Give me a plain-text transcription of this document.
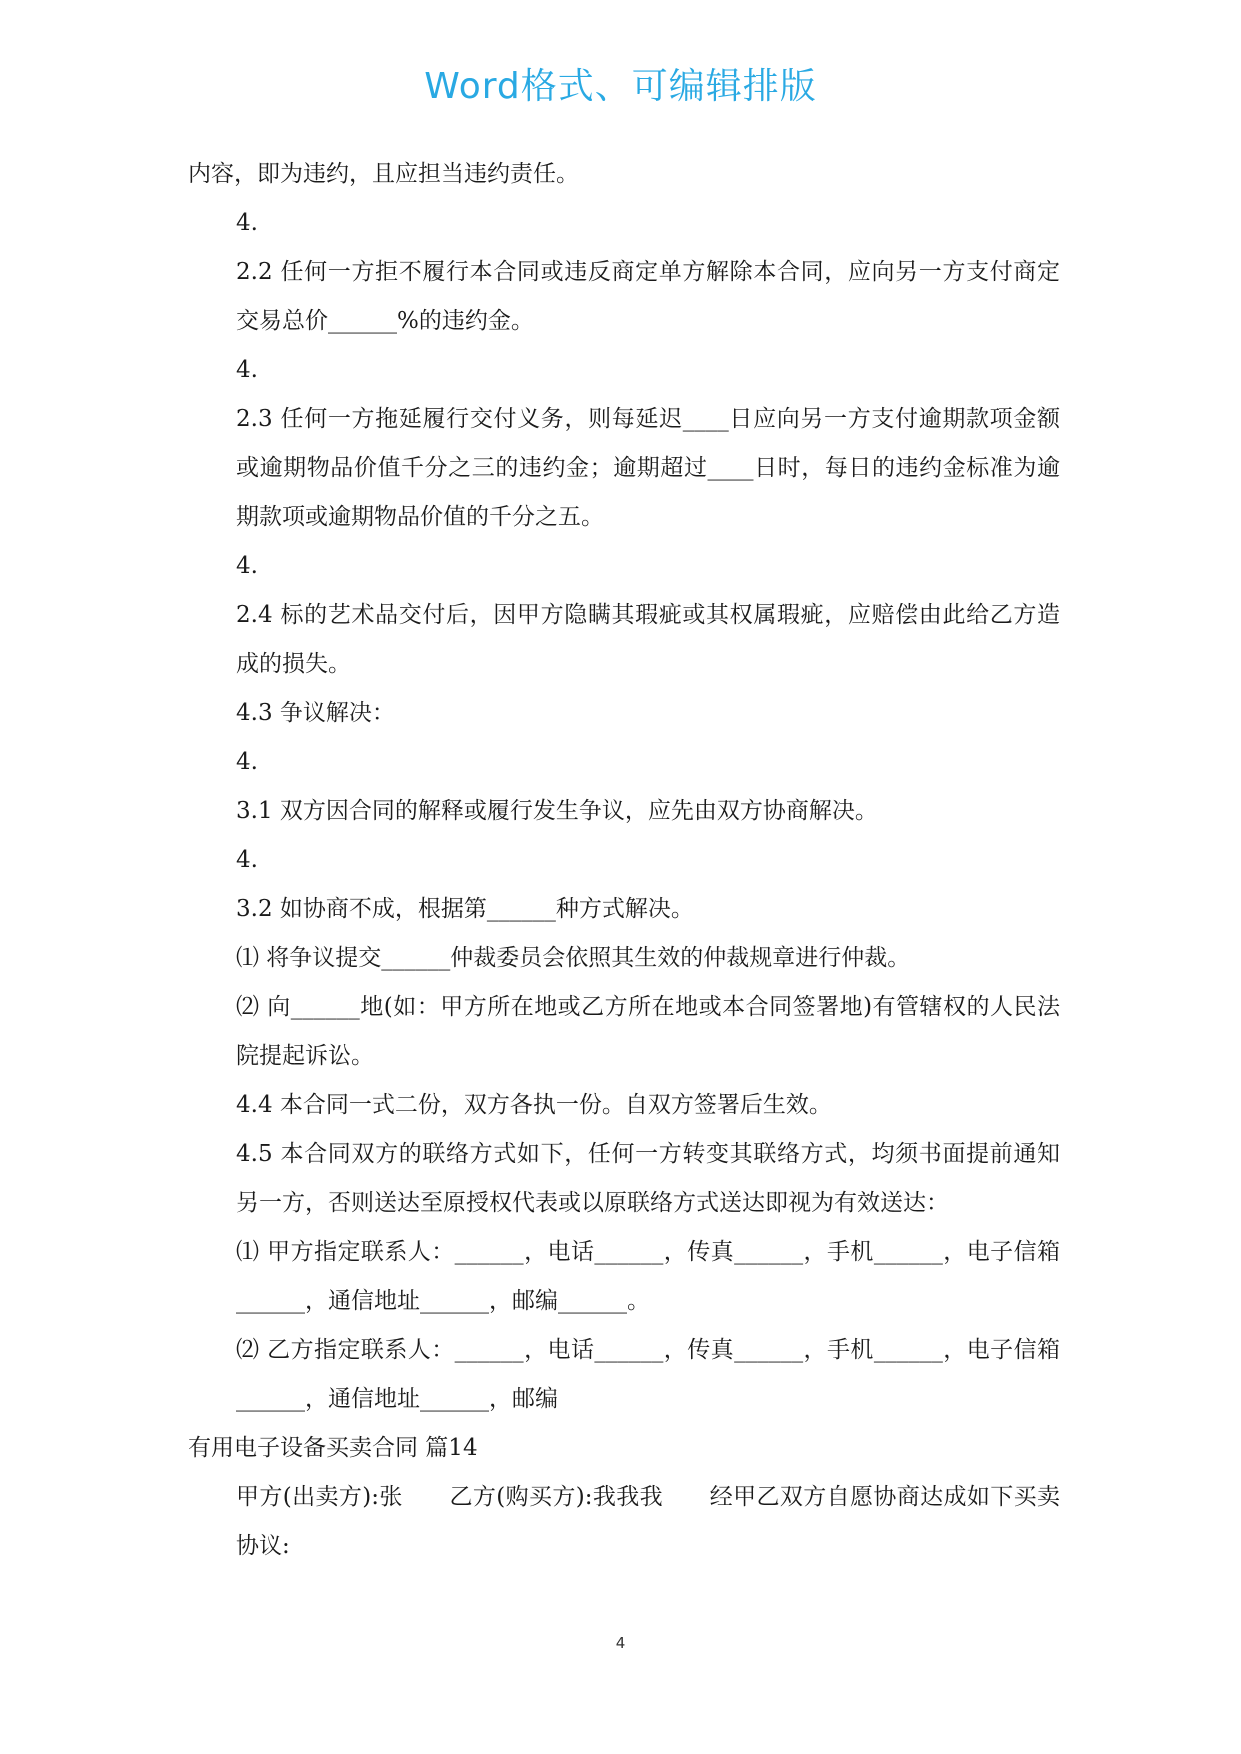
Word格式、可编辑排版

内容，即为违约，且应担当违约责任。

4.

2.2 任何一方拒不履行本合同或违反商定单方解除本合同，应向另一方支付商定交易总价______%的违约金。

4.

2.3 任何一方拖延履行交付义务，则每延迟____日应向另一方支付逾期款项金额或逾期物品价值千分之三的违约金；逾期超过____日时，每日的违约金标准为逾期款项或逾期物品价值的千分之五。

4.

2.4 标的艺术品交付后，因甲方隐瞒其瑕疵或其权属瑕疵，应赔偿由此给乙方造成的损失。

4.3 争议解决：

4.

3.1 双方因合同的解释或履行发生争议，应先由双方协商解决。

4.

3.2 如协商不成，根据第______种方式解决。

⑴ 将争议提交______仲裁委员会依照其生效的仲裁规章进行仲裁。

⑵ 向______地(如：甲方所在地或乙方所在地或本合同签署地)有管辖权的人民法院提起诉讼。

4.4 本合同一式二份，双方各执一份。自双方签署后生效。

4.5 本合同双方的联络方式如下，任何一方转变其联络方式，均须书面提前通知另一方，否则送达至原授权代表或以原联络方式送达即视为有效送达：

⑴ 甲方指定联系人：______，电话______，传真______，手机______，电子信箱______，通信地址______，邮编______。

⑵ 乙方指定联系人：______，电话______，传真______，手机______，电子信箱______，通信地址______，邮编

有用电子设备买卖合同 篇14

甲方(出卖方):张　　乙方(购买方):我我我　　经甲乙双方自愿协商达成如下买卖协议:

4
